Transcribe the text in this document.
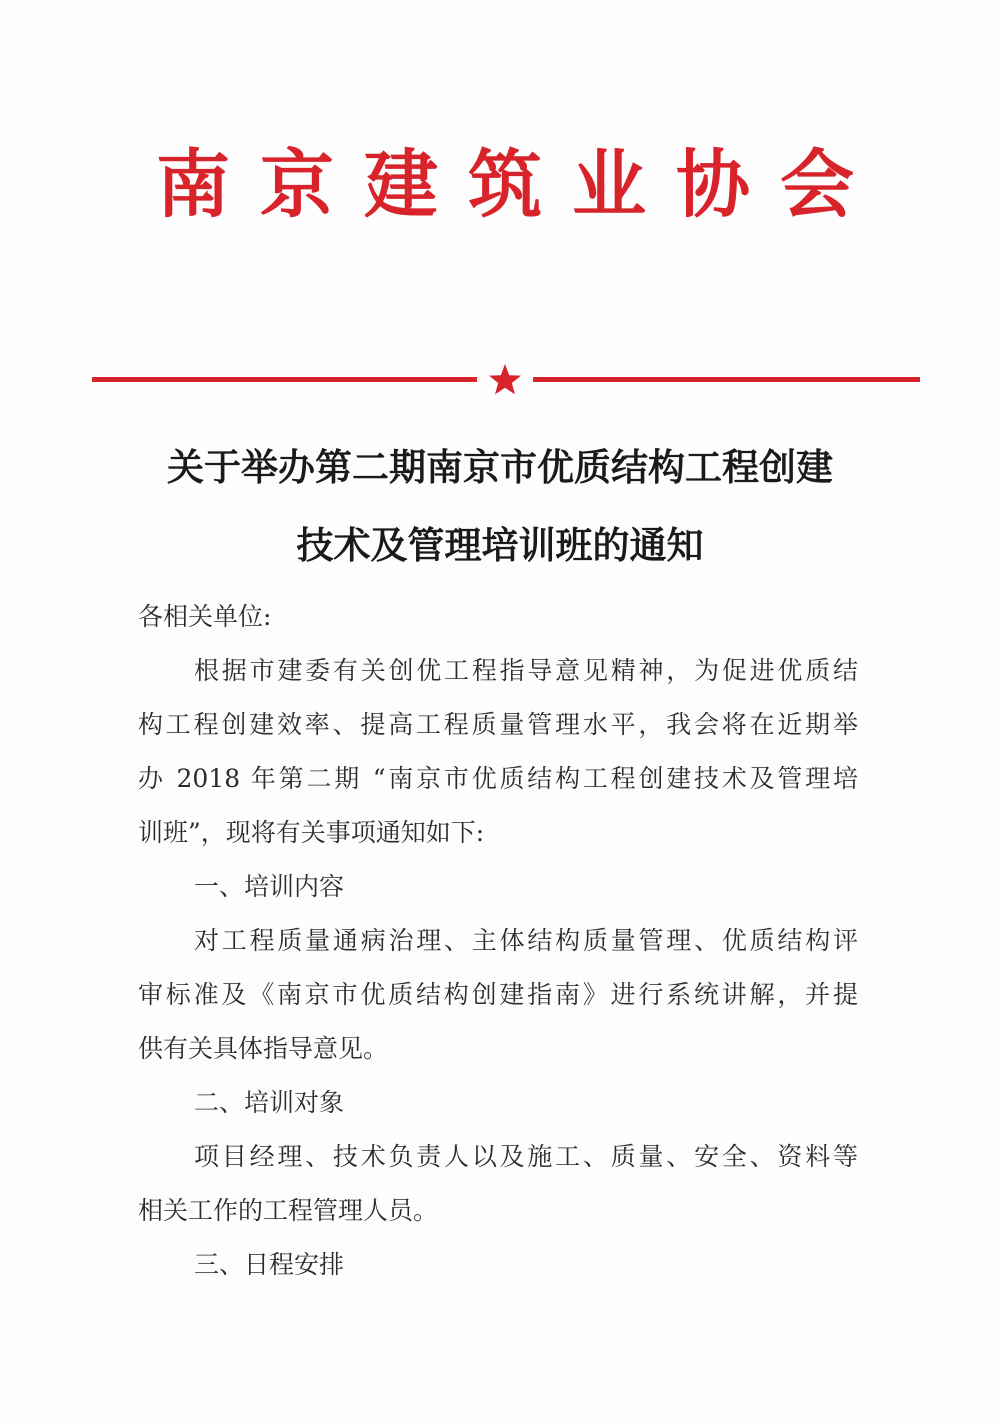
南京建筑业协会
关于举办第二期南京市优质结构工程创建
技术及管理培训班的通知
各相关单位:
根据市建委有关创优工程指导意见精神，为促进优质结
构工程创建效率、提高工程质量管理水平，我会将在近期举
办 2018 年第二期 “南京市优质结构工程创建技术及管理培
训班”，现将有关事项通知如下:
一、培训内容
对工程质量通病治理、主体结构质量管理、优质结构评
审标准及《南京市优质结构创建指南》进行系统讲解，并提
供有关具体指导意见。
二、培训对象
项目经理、技术负责人以及施工、质量、安全、资料等
相关工作的工程管理人员。
三、日程安排
